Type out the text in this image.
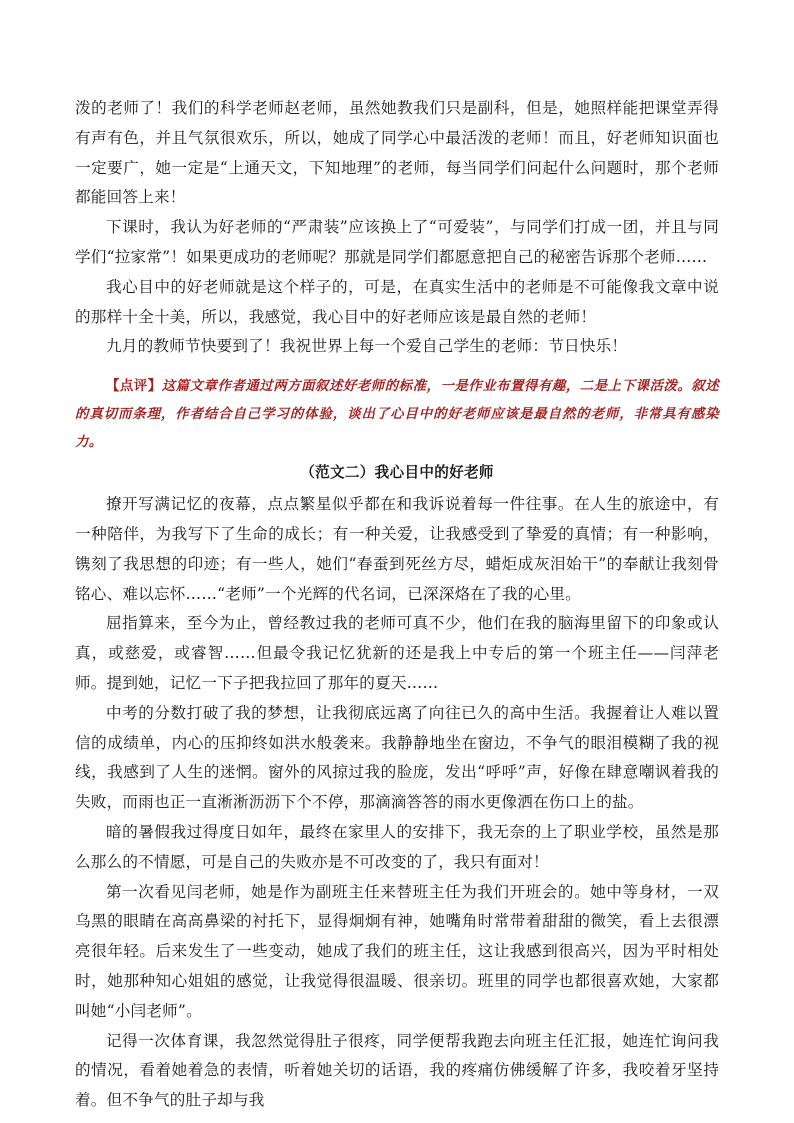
泼的老师了！我们的科学老师赵老师，虽然她教我们只是副科，但是，她照样能把课堂弄得有声有色，并且气氛很欢乐，所以，她成了同学心中最活泼的老师！而且，好老师知识面也一定要广，她一定是“上通天文，下知地理”的老师，每当同学们问起什么问题时，那个老师都能回答上来！

下课时，我认为好老师的“严肃装”应该换上了“可爱装”，与同学们打成一团，并且与同学们“拉家常”！如果更成功的老师呢？那就是同学们都愿意把自己的秘密告诉那个老师……

我心目中的好老师就是这个样子的，可是，在真实生活中的老师是不可能像我文章中说的那样十全十美，所以，我感觉，我心目中的好老师应该是最自然的老师！

九月的教师节快要到了！我祝世界上每一个爱自己学生的老师：节日快乐！

【点评】这篇文章作者通过两方面叙述好老师的标准，一是作业布置得有趣，二是上下课活泼。叙述的真切而条理，作者结合自己学习的体验，谈出了心目中的好老师应该是最自然的老师，非常具有感染力。

（范文二）我心目中的好老师

撩开写满记忆的夜幕，点点繁星似乎都在和我诉说着每一件往事。在人生的旅途中，有一种陪伴，为我写下了生命的成长；有一种关爱，让我感受到了挚爱的真情；有一种影响，镌刻了我思想的印迹；有一些人，她们“春蚕到死丝方尽，蜡炬成灰泪始干”的奉献让我刻骨铭心、难以忘怀……“老师”一个光辉的代名词，已深深烙在了我的心里。

屈指算来，至今为止，曾经教过我的老师可真不少，他们在我的脑海里留下的印象或认真，或慈爱，或睿智……但最令我记忆犹新的还是我上中专后的第一个班主任——闫萍老师。提到她，记忆一下子把我拉回了那年的夏天……

中考的分数打破了我的梦想，让我彻底远离了向往已久的高中生活。我握着让人难以置信的成绩单，内心的压抑终如洪水般袭来。我静静地坐在窗边，不争气的眼泪模糊了我的视线，我感到了人生的迷惘。窗外的风掠过我的脸庞，发出“呼呼”声，好像在肆意嘲讽着我的失败，而雨也正一直淅淅沥沥下个不停，那滴滴答答的雨水更像洒在伤口上的盐。

暗的暑假我过得度日如年，最终在家里人的安排下，我无奈的上了职业学校，虽然是那么那么的不情愿，可是自己的失败亦是不可改变的了，我只有面对！

第一次看见闫老师，她是作为副班主任来替班主任为我们开班会的。她中等身材，一双乌黑的眼睛在高高鼻梁的衬托下，显得炯炯有神，她嘴角时常带着甜甜的微笑，看上去很漂亮很年轻。后来发生了一些变动，她成了我们的班主任，这让我感到很高兴，因为平时相处时，她那种知心姐姐的感觉，让我觉得很温暖、很亲切。班里的同学也都很喜欢她，大家都叫她“小闫老师”。

记得一次体育课，我忽然觉得肚子很疼，同学便帮我跑去向班主任汇报，她连忙询问我的情况，看着她着急的表情，听着她关切的话语，我的疼痛仿佛缓解了许多，我咬着牙坚持着。但不争气的肚子却与我
